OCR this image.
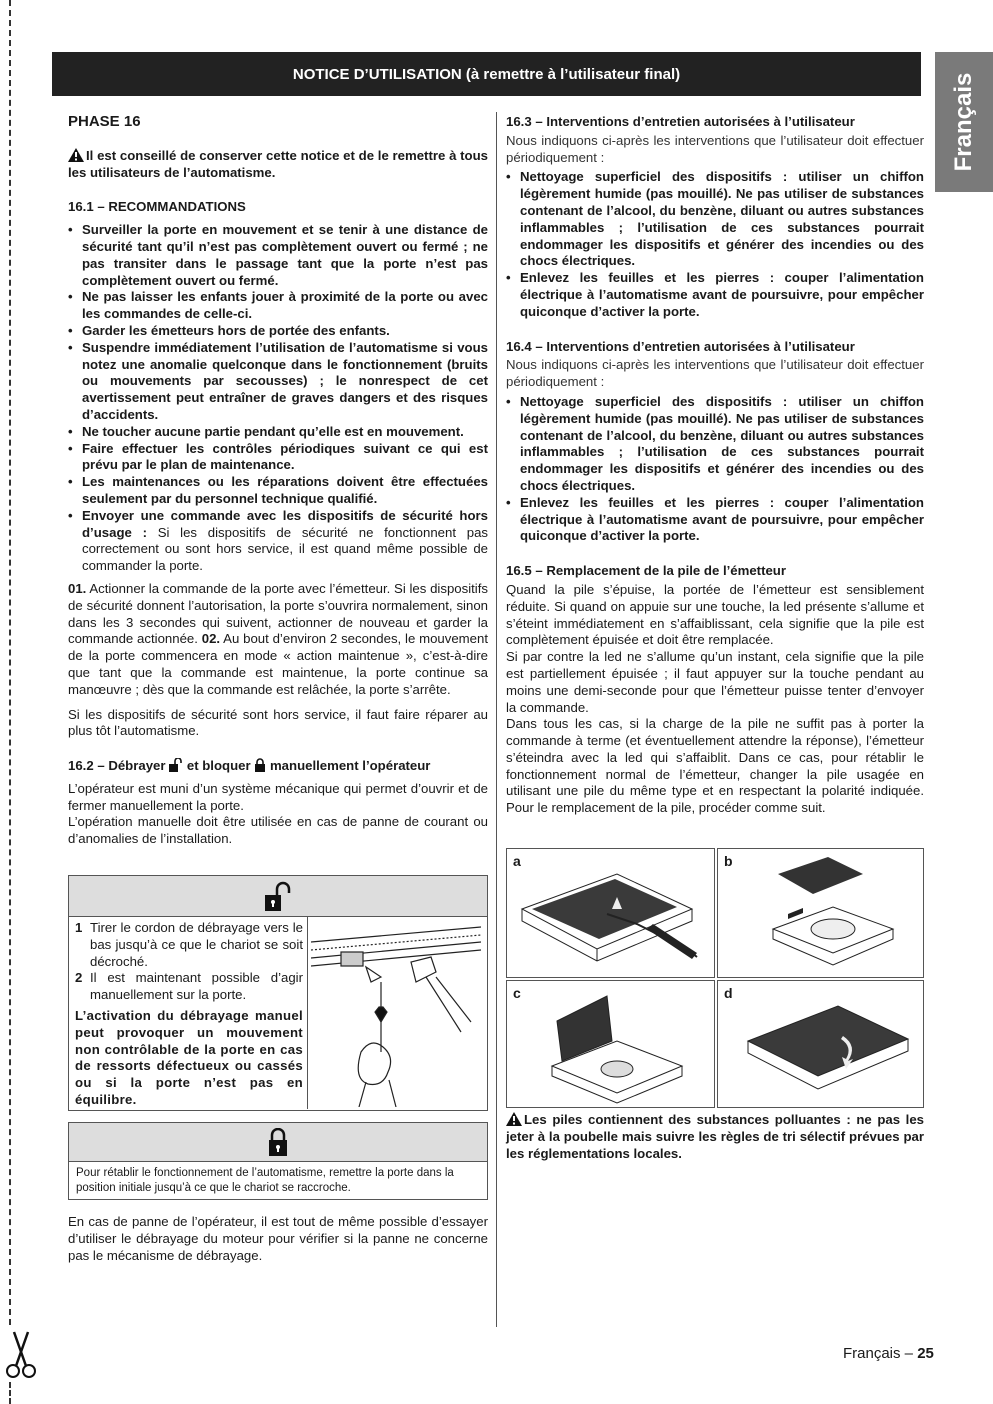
NOTICE D’UTILISATION (à remettre à l’utilisateur final)	Français
PHASE 16

Il est conseillé de conserver cette notice et de le remettre à tous les utilisateurs de l’automatisme.

16.1 – RECOMMANDATIONS
• Surveiller la porte en mouvement et se tenir à une distance de sécurité tant qu’il n’est pas complètement ouvert ou fermé ; ne pas transiter dans le passage tant que la porte n’est pas complètement ouvert ou fermé.
• Ne pas laisser les enfants jouer à proximité de la porte ou avec les commandes de celle-ci.
• Garder les émetteurs hors de portée des enfants.
• Suspendre immédiatement l’utilisation de l’automatisme si vous notez une anomalie quelconque dans le fonctionnement (bruits ou mouvements par secousses) ; le nonrespect de cet avertissement peut entraîner de graves dangers et des risques d’accidents.
• Ne toucher aucune partie pendant qu’elle est en mouvement.
• Faire effectuer les contrôles périodiques suivant ce qui est prévu par le plan de maintenance.
• Les maintenances ou les réparations doivent être effectuées seulement par du personnel technique qualifié.
• Envoyer une commande avec les dispositifs de sécurité hors d’usage : Si les dispositifs de sécurité ne fonctionnent pas correctement ou sont hors service, il est quand même possible de commander la porte.

01. Actionner la commande de la porte avec l’émetteur. Si les dispositifs de sécurité donnent l’autorisation, la porte s’ouvrira normalement, sinon dans les 3 secondes qui suivent, actionner de nouveau et garder la commande actionnée. 02. Au bout d’environ 2 secondes, le mouvement de la porte commencera en mode « action maintenue », c’est-à-dire que tant que la commande est maintenue, la porte continue sa manœuvre ; dès que la commande est relâchée, la porte s’arrête.

Si les dispositifs de sécurité sont hors service, il faut faire réparer au plus tôt l’automatisme.

16.2 – Débrayer et bloquer manuellement l’opérateur

L’opérateur est muni d’un système mécanique qui permet d’ouvrir et de fermer manuellement la porte.

L’opération manuelle doit être utilisée en cas de panne de courant ou d’anomalies de l’installation.

1 Tirer le cordon de débrayage vers le bas jusqu’à ce que le chariot se soit décroché.
2 Il est maintenant possible d’agir manuellement sur la porte.

L’activation du débrayage manuel peut provoquer un mouvement non contrôlable de la porte en cas de ressorts défectueux ou cassés ou si la porte n’est pas en équilibre.

Pour rétablir le fonctionnement de l’automatisme, remettre la porte dans la position initiale jusqu’à ce que le chariot se raccroche.

En cas de panne de l’opérateur, il est tout de même possible d’essayer d’utiliser le débrayage du moteur pour vérifier si la panne ne concerne pas le mécanisme de débrayage.

16.3 – Interventions d’entretien autorisées à l’utilisateur

Nous indiquons ci-après les interventions que l’utilisateur doit effectuer périodiquement :

• Nettoyage superficiel des dispositifs : utiliser un chiffon légèrement humide (pas mouillé). Ne pas utiliser de substances contenant de l’alcool, du benzène, diluant ou autres substances inflammables ; l’utilisation de ces substances pourrait endommager les dispositifs et générer des incendies ou des chocs électriques.
• Enlevez les feuilles et les pierres : couper l’alimentation électrique à l’automatisme avant de poursuivre, pour empêcher quiconque d’activer la porte.
16.4 – Interventions d’entretien autorisées à l’utilisateur

Nous indiquons ci-après les interventions que l’utilisateur doit effectuer périodiquement :

• Nettoyage superficiel des dispositifs : utiliser un chiffon légèrement humide (pas mouillé). Ne pas utiliser de substances contenant de l’alcool, du benzène, diluant ou autres substances inflammables ; l’utilisation de ces substances pourrait endommager les dispositifs et générer des incendies ou des chocs électriques.
• Enlevez les feuilles et les pierres : couper l’alimentation électrique à l’automatisme avant de poursuivre, pour empêcher quiconque d’activer la porte.
16.5 – Remplacement de la pile de l’émetteur

Quand la pile s’épuise, la portée de l’émetteur est sensiblement réduite. Si quand on appuie sur une touche, la led présente s’allume et s’éteint immédiatement en s’affaiblissant, cela signifie que la pile est complètement épuisée et doit être remplacée.

Si par contre la led ne s’allume qu’un instant, cela signifie que la pile est partiellement épuisée ; il faut appuyer sur la touche pendant au moins une demi-seconde pour que l’émetteur puisse tenter d’envoyer la commande.

Dans tous les cas, si la charge de la pile ne suffit pas à porter la commande à terme (et éventuellement attendre la réponse), l’émetteur s’éteindra avec la led qui s’affaiblit. Dans ce cas, pour rétablir le fonctionnement normal de l’émetteur, changer la pile usagée en utilisant une pile du même type et en respectant la polarité indiquée. Pour le remplacement de la pile, procéder comme suit.

a	b
c	d

Les piles contiennent des substances polluantes : ne pas les jeter à la poubelle mais suivre les règles de tri sélectif prévues par les réglementations locales.

Français – 25
